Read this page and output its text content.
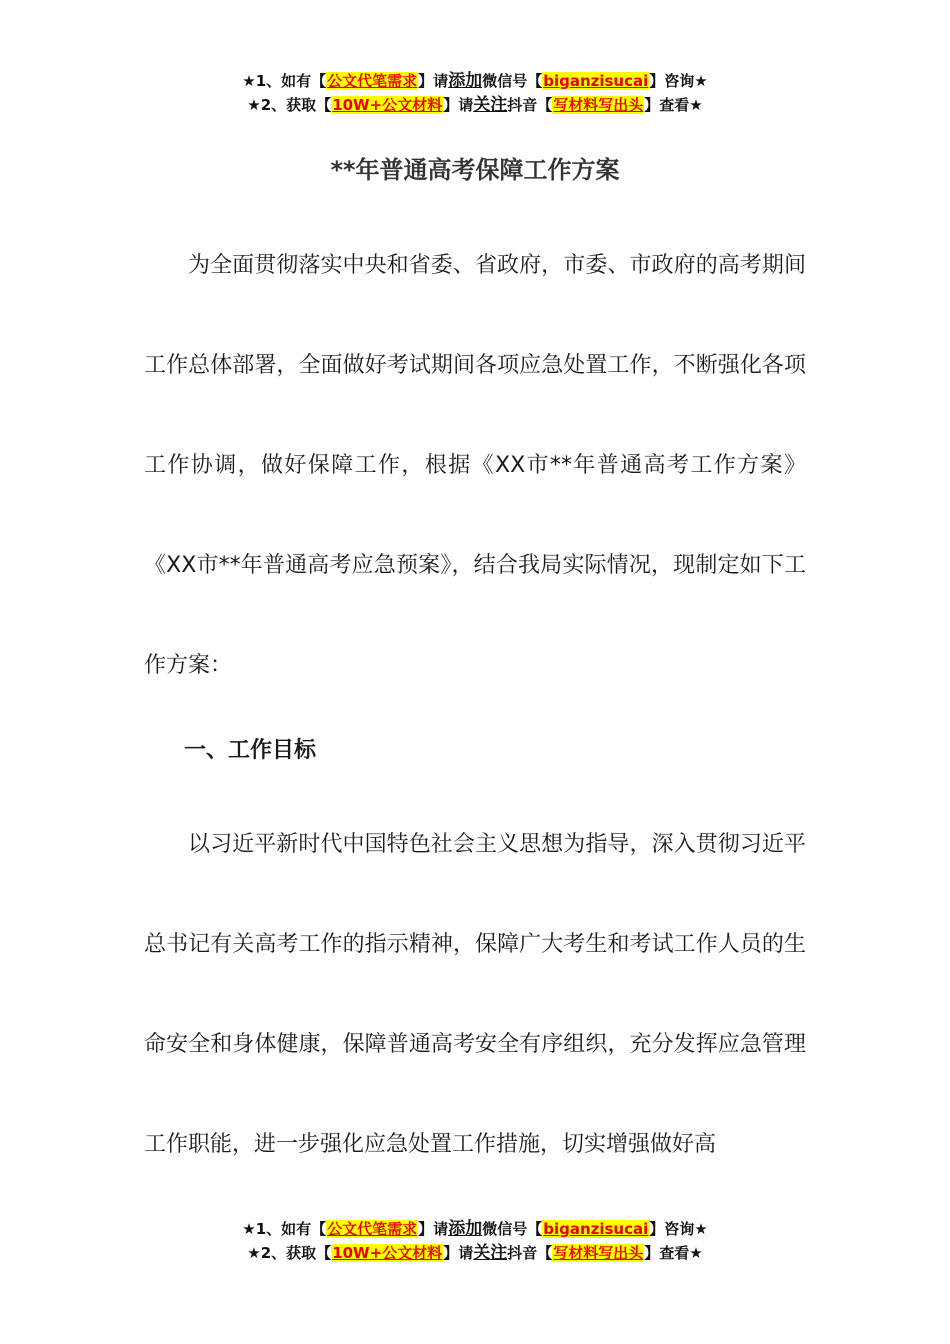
★1、如有【公文代笔需求】请添加微信号【biganzisucai】咨询★
★2、获取【10W+公文材料】请关注抖音【写材料写出头】查看★
**年普通高考保障工作方案

为全面贯彻落实中央和省委、省政府，市委、市政府的高考期间工作总体部署，全面做好考试期间各项应急处置工作，不断强化各项工作协调，做好保障工作，根据《XX市**年普通高考工作方案》《XX市**年普通高考应急预案》，结合我局实际情况，现制定如下工作方案：

一、工作目标

以习近平新时代中国特色社会主义思想为指导，深入贯彻习近平总书记有关高考工作的指示精神，保障广大考生和考试工作人员的生命安全和身体健康，保障普通高考安全有序组织，充分发挥应急管理工作职能，进一步强化应急处置工作措施，切实增强做好高

★1、如有【公文代笔需求】请添加微信号【biganzisucai】咨询★
★2、获取【10W+公文材料】请关注抖音【写材料写出头】查看★
